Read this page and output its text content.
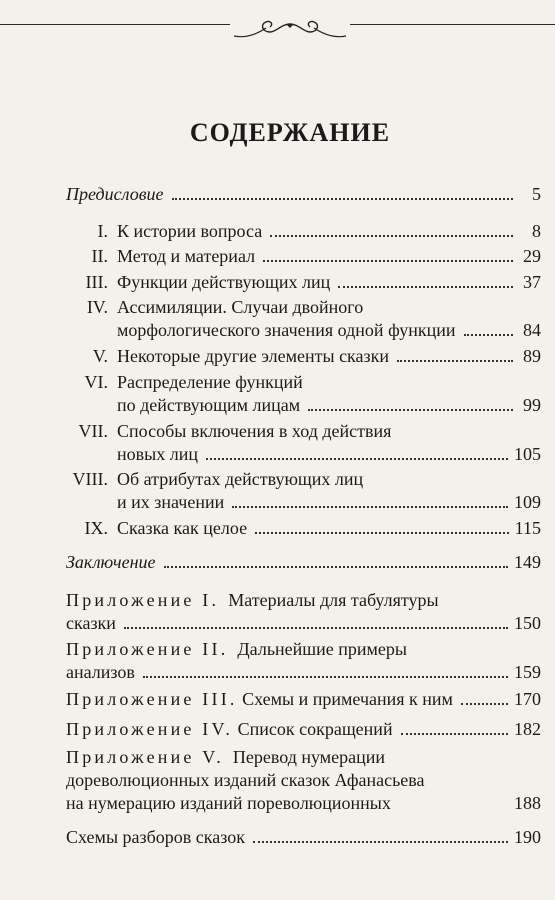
СОДЕРЖАНИЕ
Предисловие	5
I. К истории вопроса	8
II. Метод и материал	29
III. Функции действующих лиц	37
IV. Ассимиляции. Случаи двойного
морфологического значения одной функции	84
V. Некоторые другие элементы сказки	89
VI. Распределение функций
по действующим лицам	99
VII. Способы включения в ход действия
новых лиц	105
VIII. Об атрибутах действующих лиц
и их значении	109
IX. Сказка как целое	115
Заключение	149
Приложение I. Материалы для табулятуры
сказки	150
Приложение II. Дальнейшие примеры
анализов	159
Приложение III. Схемы и примечания к ним	170
Приложение IV. Список сокращений	182
Приложение V. Перевод нумерации
дореволюционных изданий сказок Афанасьева
на нумерацию изданий пореволюционных	188
Схемы разборов сказок	190
